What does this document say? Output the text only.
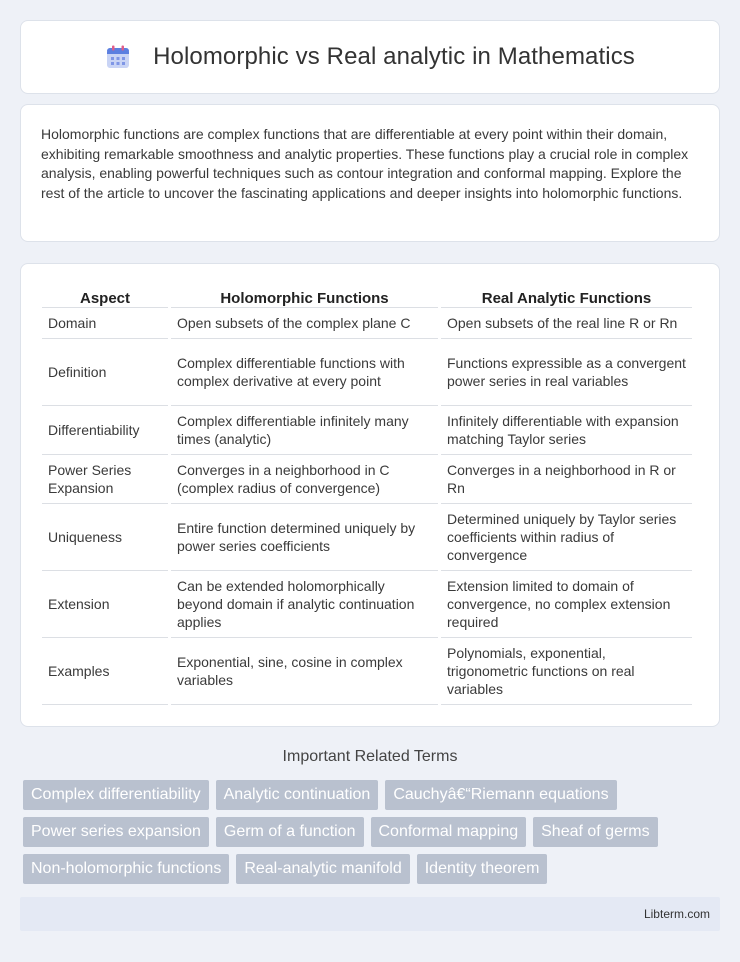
Holomorphic vs Real analytic in Mathematics

Holomorphic functions are complex functions that are differentiable at every point within their domain, exhibiting remarkable smoothness and analytic properties. These functions play a crucial role in complex analysis, enabling powerful techniques such as contour integration and conformal mapping. Explore the rest of the article to uncover the fascinating applications and deeper insights into holomorphic functions.

Aspect	Holomorphic Functions	Real Analytic Functions
Domain	Open subsets of the complex plane C	Open subsets of the real line R or Rn
Definition	Complex differentiable functions with complex derivative at every point	Functions expressible as a convergent power series in real variables
Differentiability	Complex differentiable infinitely many times (analytic)	Infinitely differentiable with expansion matching Taylor series
Power Series Expansion	Converges in a neighborhood in C (complex radius of convergence)	Converges in a neighborhood in R or Rn
Uniqueness	Entire function determined uniquely by power series coefficients	Determined uniquely by Taylor series coefficients within radius of convergence
Extension	Can be extended holomorphically beyond domain if analytic continuation applies	Extension limited to domain of convergence, no complex extension required
Examples	Exponential, sine, cosine in complex variables	Polynomials, exponential, trigonometric functions on real variables
Important Related Terms
Complex differentiability	Analytic continuation	Cauchyâ€“Riemann equations
Power series expansion	Germ of a function	Conformal mapping	Sheaf of germs
Non-holomorphic functions	Real-analytic manifold	Identity theorem
Libterm.com
